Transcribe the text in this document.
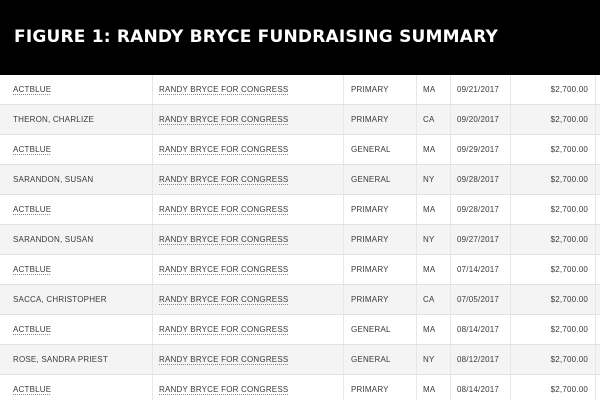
FIGURE 1: RANDY BRYCE FUNDRAISING SUMMARY
ACTBLUE	RANDY BRYCE FOR CONGRESS	PRIMARY	MA	09/21/2017	$2,700.00
THERON, CHARLIZE	RANDY BRYCE FOR CONGRESS	PRIMARY	CA	09/20/2017	$2,700.00
ACTBLUE	RANDY BRYCE FOR CONGRESS	GENERAL	MA	09/29/2017	$2,700.00
SARANDON, SUSAN	RANDY BRYCE FOR CONGRESS	GENERAL	NY	09/28/2017	$2,700.00
ACTBLUE	RANDY BRYCE FOR CONGRESS	PRIMARY	MA	09/28/2017	$2,700.00
SARANDON, SUSAN	RANDY BRYCE FOR CONGRESS	PRIMARY	NY	09/27/2017	$2,700.00
ACTBLUE	RANDY BRYCE FOR CONGRESS	PRIMARY	MA	07/14/2017	$2,700.00
SACCA, CHRISTOPHER	RANDY BRYCE FOR CONGRESS	PRIMARY	CA	07/05/2017	$2,700.00
ACTBLUE	RANDY BRYCE FOR CONGRESS	GENERAL	MA	08/14/2017	$2,700.00
ROSE, SANDRA PRIEST	RANDY BRYCE FOR CONGRESS	GENERAL	NY	08/12/2017	$2,700.00
ACTBLUE	RANDY BRYCE FOR CONGRESS	PRIMARY	MA	08/14/2017	$2,700.00
